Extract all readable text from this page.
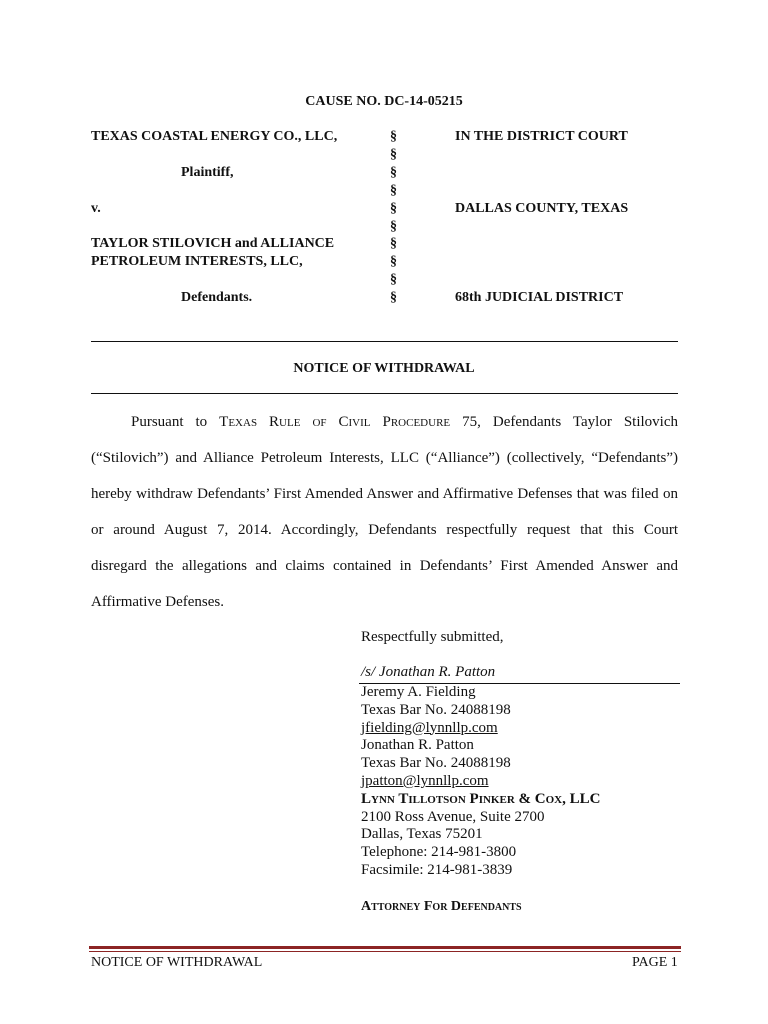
CAUSE NO. DC-14-05215
TEXAS COASTAL ENERGY CO., LLC,
Plaintiff,
v.
TAYLOR STILOVICH and ALLIANCE
PETROLEUM INTERESTS, LLC,
Defendants.
§
§
§
§
§
§
§
§
§
§
IN THE DISTRICT COURT
DALLAS COUNTY, TEXAS
68th JUDICIAL DISTRICT
NOTICE OF WITHDRAWAL
Pursuant to Texas Rule of Civil Procedure 75, Defendants Taylor Stilovich
(“Stilovich”) and Alliance Petroleum Interests, LLC (“Alliance”) (collectively, “Defendants”)
hereby withdraw Defendants’ First Amended Answer and Affirmative Defenses that was filed on
or around August 7, 2014. Accordingly, Defendants respectfully request that this Court
disregard the allegations and claims contained in Defendants’ First Amended Answer and
Affirmative Defenses.
Respectfully submitted,
/s/ Jonathan R. Patton
Jeremy A. Fielding
Texas Bar No. 24088198
jfielding@lynnllp.com
Jonathan R. Patton
Texas Bar No. 24088198
jpatton@lynnllp.com
Lynn Tillotson Pinker & Cox, LLC
2100 Ross Avenue, Suite 2700
Dallas, Texas 75201
Telephone: 214-981-3800
Facsimile: 214-981-3839
Attorney For Defendants
NOTICE OF WITHDRAWAL	PAGE 1
